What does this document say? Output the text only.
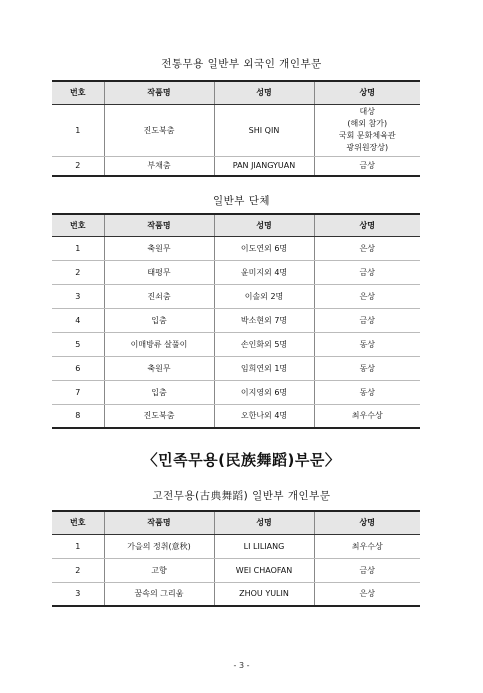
전통무용 일반부 외국인 개인부문
번호	작품명	성명	상명
1	진도북춤	SHI QIN	대상
(해외 참가)
국회 문화체육관
광위원장상)
2	부채춤	PAN JIANGYUAN	금상
일반부 단체
번호	작품명	성명	상명
1	축원무	이도연외 6명	은상
2	태평무	윤미지외 4명	금상
3	진쇠춤	이솔외 2명	은상
4	입춤	박소현외 7명	금상
5	이매방류 살풀이	손인화외 5명	동상
6	축원무	임희연외 1명	동상
7	입춤	이지영외 6명	동상
8	진도북춤	오한나외 4명	최우수상
〈민족무용(民族舞蹈)부문〉
고전무용(古典舞蹈) 일반부 개인부문
번호	작품명	성명	상명
1	가을의 정취(意秋)	LI LILIANG	최우수상
2	고향	WEI CHAOFAN	금상
3	꿈속의 그리움	ZHOU YULIN	은상
- 3 -
